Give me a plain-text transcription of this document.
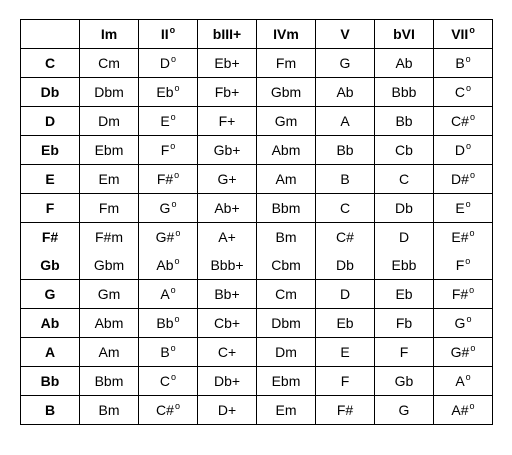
	Im	$II^o$	bIII+	IVm	V	bVI	VII$^o$
C	Cm	$D^o$	Eb+	Fm	G	Ab	$B^o$
Db	Dbm	Eb$^o$	Fb+	Gbm	Ab	Bbb	$C^o$
D	Dm	$E^o$	F+	Gm	A	Bb	C#$^o$
Eb	Ebm	$F^o$	Gb+	Abm	Bb	Cb	$D^o$
E	Em	F#$^o$	G+	Am	B	C	D#$^o$
F	Fm	$G^o$	Ab+	Bbm	C	Db	$E^o$
F#	F#m	G#$^o$	A+	Bm	C#	D	E#$^o$
Gb	Gbm	Ab$^o$	Bbb+	Cbm	Db	Ebb	$F^o$
G	Gm	$A^o$	Bb+	Cm	D	Eb	F#$^o$
Ab	Abm	Bb$^o$	Cb+	Dbm	Eb	Fb	$G^o$
A	Am	$B^o$	C+	Dm	E	F	G#$^o$
Bb	Bbm	$C^o$	Db+	Ebm	F	Gb	$A^o$
B	Bm	C#$^o$	D+	Em	F#	G	A#$^o$
